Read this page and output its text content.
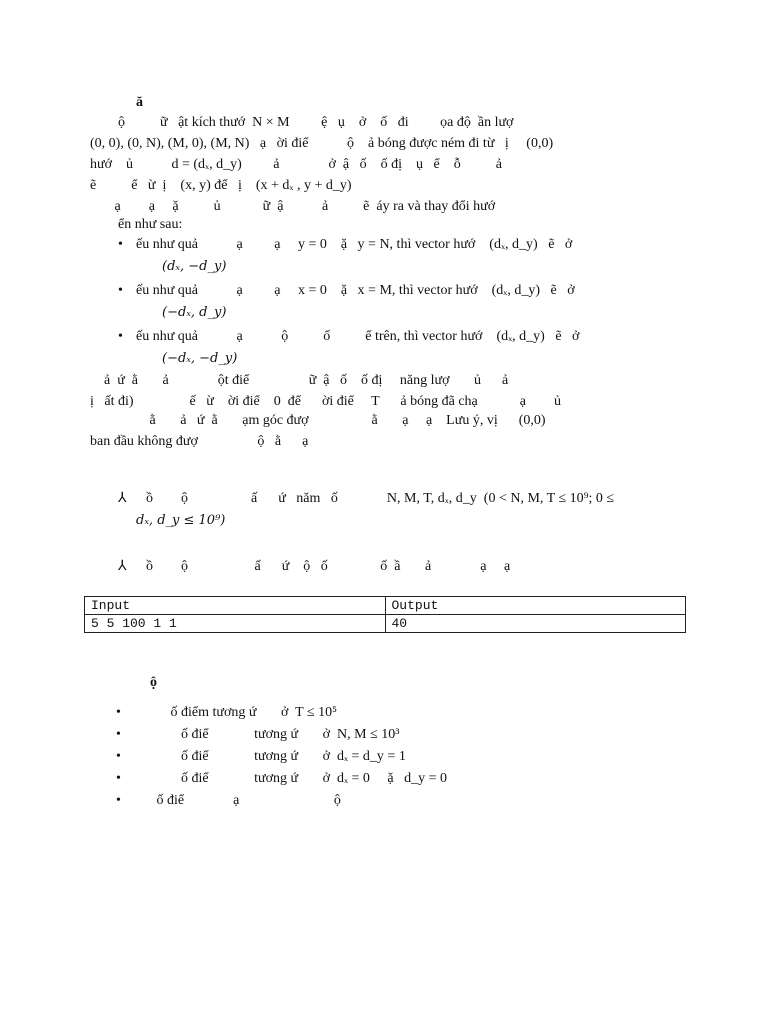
ă
ộ          ữ   ật kích thướ  N × M         ệ   ụ    ở    ố   đi         ọa độ  ần lượ
(0, 0), (0, N), (M, 0), (M, N)   ạ   ời điể           ộ    ả bóng được ném đi từ   ị     (0,0)
hướ    ủ           d = (dₓ, d_y)         ả              ở  ậ   ố    ố đị    ụ   ể    ỗ          ả
ẽ          ể   ừ  ị    (x, y) để   ị    (x + dₓ , y + d_y)
ạ        ạ     ặ          ủ            ữ  ậ           ả          ẽ  áy ra và thay đổi hướ
ển như sau:
• ếu như quả           ạ         ạ     y = 0    ặ   y = N, thì vector hướ    (dₓ, d_y)   ẽ   ở
(dₓ, −d_y)
• ếu như quả           ạ         ạ     x = 0    ặ   x = M, thì vector hướ    (dₓ, d_y)   ẽ   ở
(−dₓ, d_y)
• ếu như quả           ạ           ộ          ố          ể trên, thì vector hướ    (dₓ, d_y)   ẽ   ở
(−dₓ, −d_y)
ả  ứ  ằ       ả              ột điể                 ữ  ậ   ố    ố đị     năng lượ       ủ      ả
ị   ất đi)                ế   ừ    ời điể    0  để      ời điể     T      ả bóng đã chạ            ạ        ủ
ằ       ả   ứ  ằ       ạm góc đượ                  ằ       ạ     ạ    Lưu ý, vị      (0,0)
ban đầu không đượ                 ộ   ằ      ạ
⅄ ồ        ộ                  ấ      ứ   năm   ố              N, M, T, dₓ, d_y  (0 < N, M, T ≤ 10⁹; 0 ≤
dₓ, d_y ≤ 10⁹)
⅄ ồ        ộ                   ấ      ứ    ộ   ố               ố  ầ       ả              ạ     ạ
Input	Output
5 5 100 1 1	40
ộ
• ố điểm tương ứ       ở  T ≤ 10⁵
• ố điể             tương ứ       ở  N, M ≤ 10³
• ố điể             tương ứ       ở  dₓ = d_y = 1
• ố điể             tương ứ       ở  dₓ = 0     ặ   d_y = 0
• ố điể              ạ                           ộ
